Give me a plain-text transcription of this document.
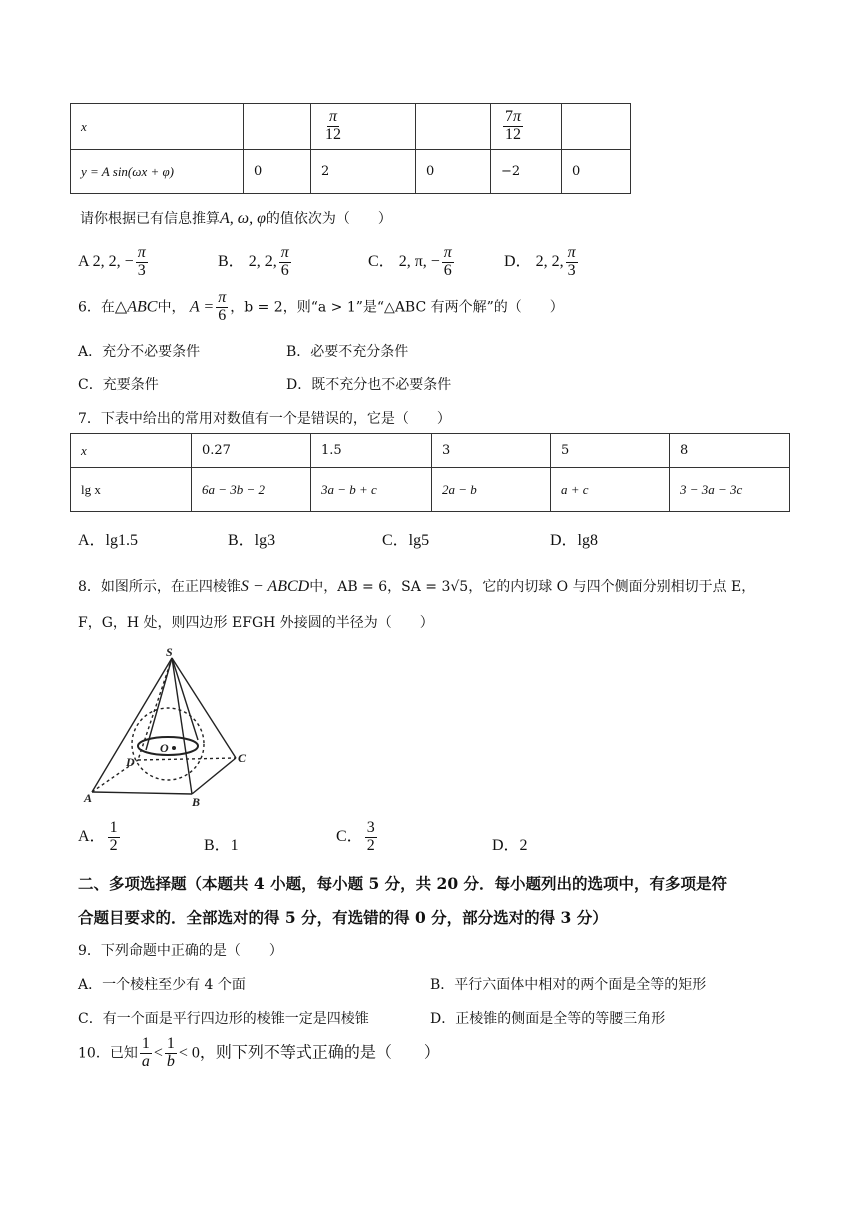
x		$\frac{\pi}{12}$		$\frac{7\pi}{12}$

y = A sin(ωx + φ)	0	2	0	−2	0
请你根据已有信息推算A, ω, φ的值依次为（　　）
A 2, 2, − $\frac{\pi}{3}$	B． 2, 2, $\frac{\pi}{6}$	C． 2, π, − $\frac{\pi}{6}$	D． 2, 2, $\frac{\pi}{3}$
6．在△ABC中， $A = \frac{\pi}{6}$ ，b = 2，则“a > 1”是“△ABC 有两个解”的（　　）
A．充分不必要条件	B．必要不充分条件
C．充要条件	D．既不充分也不必要条件
7．下表中给出的常用对数值有一个是错误的，它是（　　）
x	0.27	1.5	3	5	8
lg x	6a − 3b − 2	3a − b + c	2a − b	a + c	3 − 3a − 3c
A．lg1.5	B．lg3	C．lg5	D．lg8
8．如图所示，在正四棱锥S − ABCD中，AB = 6，SA = 3√5，它的内切球 O 与四个侧面分别相切于点 E，
F，G，H 处，则四边形 EFGH 外接圆的半径为（　　）
S
D	C
O
A	B
A． $\frac{1}{2}$	B．1
C． $\frac{3}{2}$	D．2
二、多项选择题（本题共 4 小题，每小题 5 分，共 20 分．每小题列出的选项中，有多项是符
合题目要求的．全部选对的得 5 分，有选错的得 0 分，部分选对的得 3 分）
9．下列命题中正确的是（　　）
A．一个棱柱至少有 4 个面	B．平行六面体中相对的两个面是全等的矩形
C．有一个面是平行四边形的棱锥一定是四棱锥	D．正棱锥的侧面是全等的等腰三角形
10．已知 $\frac{1}{a} < \frac{1}{b} < 0$，则下列不等式正确的是（　　）
